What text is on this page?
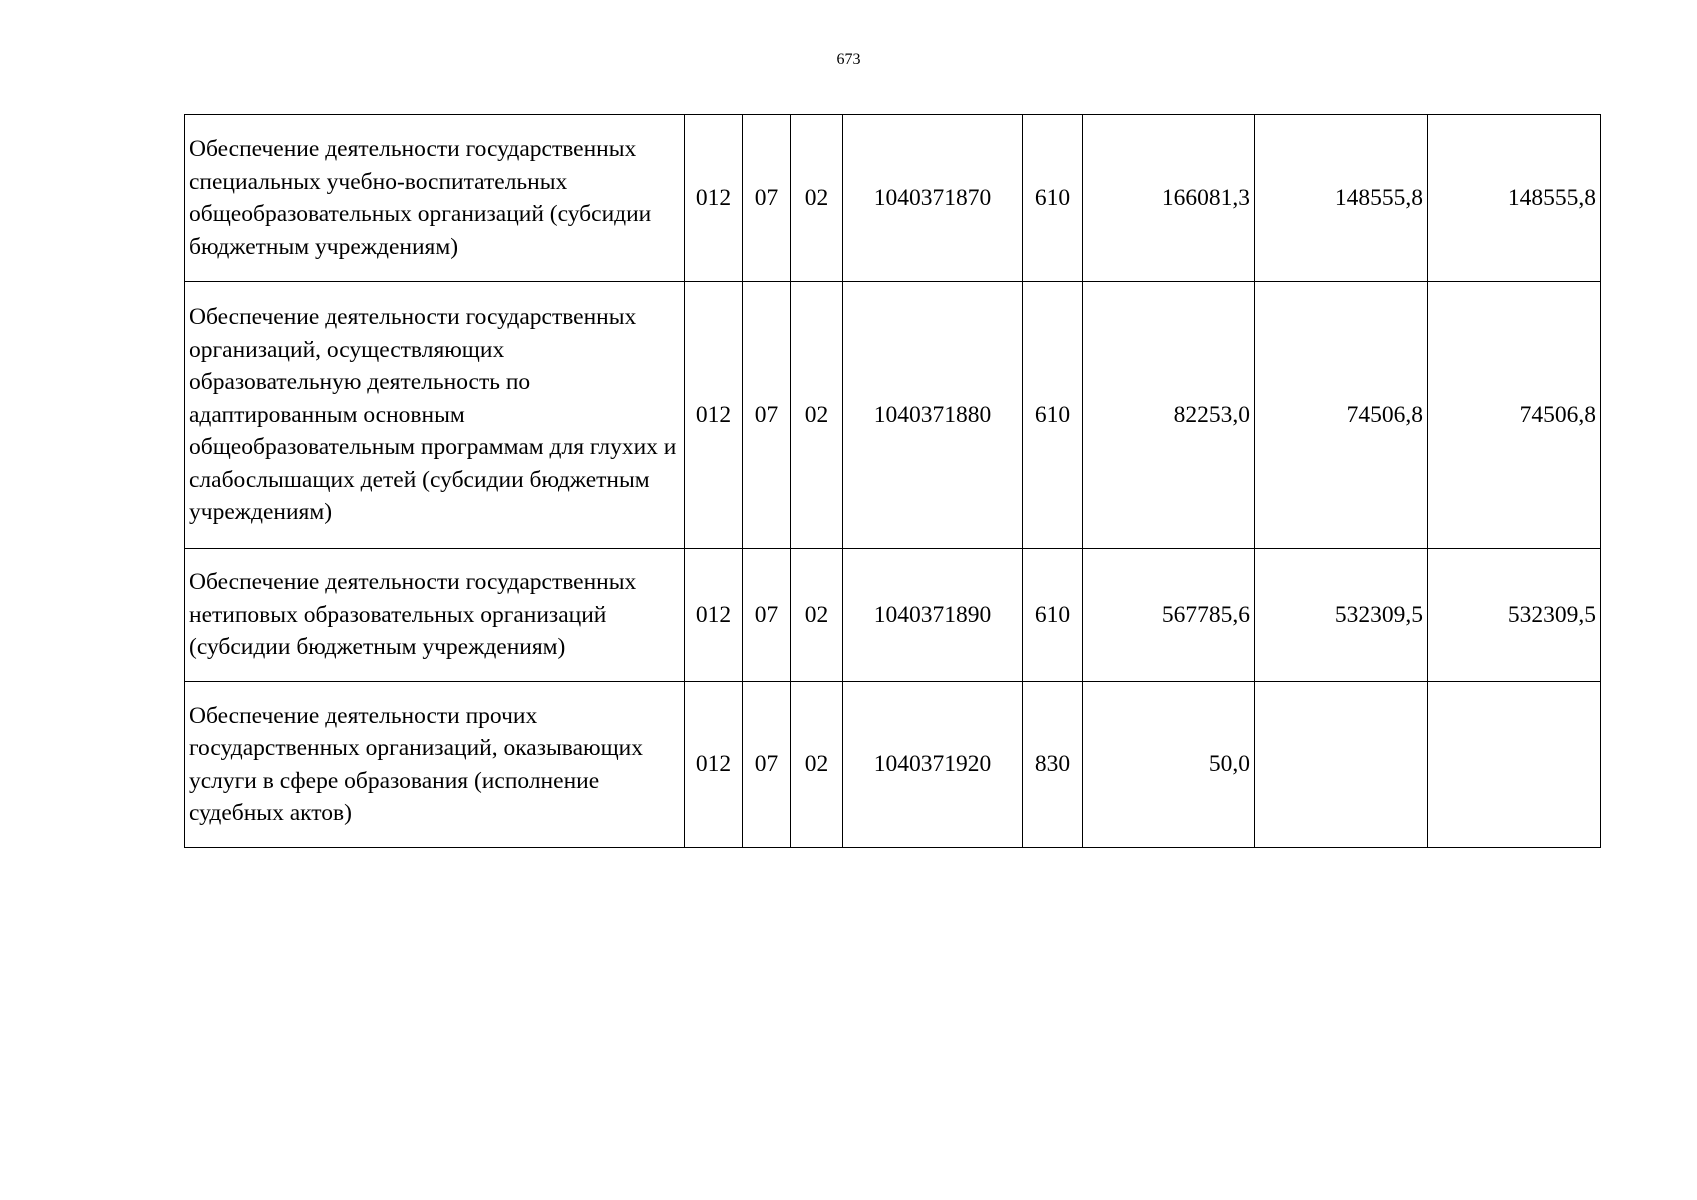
673
Обеспечение деятельности государственных специальных учебно-воспитательных общеобразовательных организаций (субсидии бюджетным учреждениям)	012	07	02	1040371870	610	166081,3	148555,8	148555,8
Обеспечение деятельности государственных организаций, осуществляющих образовательную деятельность по адаптированным основным общеобразовательным программам для глухих и слабослышащих детей (субсидии бюджетным учреждениям)	012	07	02	1040371880	610	82253,0	74506,8	74506,8
Обеспечение деятельности государственных нетиповых образовательных организаций (субсидии бюджетным учреждениям)	012	07	02	1040371890	610	567785,6	532309,5	532309,5
Обеспечение деятельности прочих государственных организаций, оказывающих услуги в сфере образования (исполнение судебных актов)	012	07	02	1040371920	830	50,0		
